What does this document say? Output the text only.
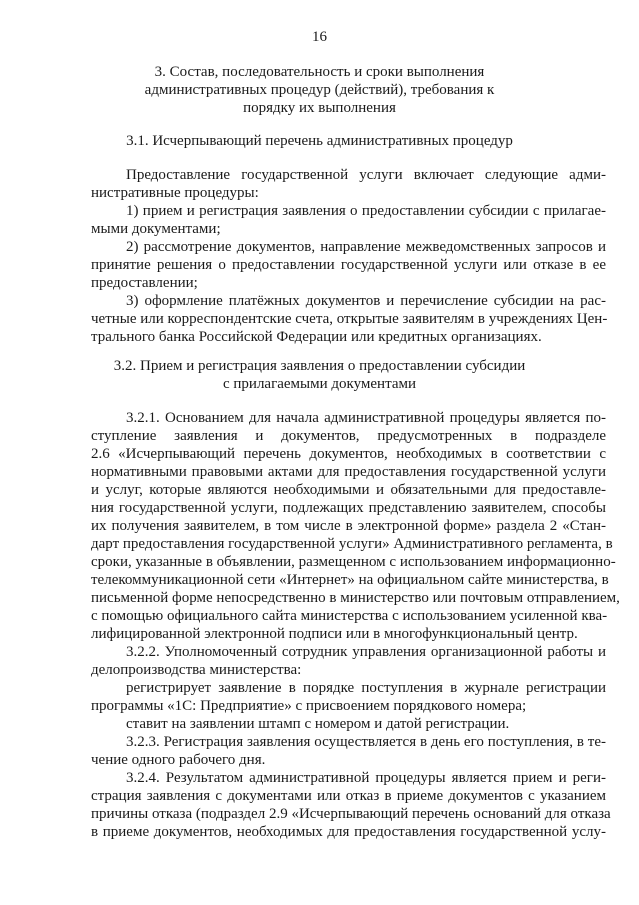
16
3. Состав, последовательность и сроки выполнения
административных процедур (действий), требования к
порядку их выполнения
3.1. Исчерпывающий перечень административных процедур
Предоставление государственной услуги включает следующие адми-
нистративные процедуры:
1) прием и регистрация заявления о предоставлении субсидии с прилагае-
мыми документами;
2) рассмотрение документов, направление межведомственных запросов и
принятие решения о предоставлении государственной услуги или отказе в ее
предоставлении;
3) оформление платёжных документов и перечисление субсидии на рас-
четные или корреспондентские счета, открытые заявителям в учреждениях Цен-
трального банка Российской Федерации или кредитных организациях.
3.2. Прием и регистрация заявления о предоставлении субсидии
с прилагаемыми документами
3.2.1. Основанием для начала административной процедуры является по-
ступление заявления и документов, предусмотренных в подразделе
2.6 «Исчерпывающий перечень документов, необходимых в соответствии с
нормативными правовыми актами для предоставления государственной услуги
и услуг, которые являются необходимыми и обязательными для предоставле-
ния государственной услуги, подлежащих представлению заявителем, способы
их получения заявителем, в том числе в электронной форме» раздела 2 «Стан-
дарт предоставления государственной услуги» Административного регламента, в
сроки, указанные в объявлении, размещенном с использованием информационно-
телекоммуникационной сети «Интернет» на официальном сайте министерства, в
письменной форме непосредственно в министерство или почтовым отправлением,
с помощью официального сайта министерства с использованием усиленной ква-
лифицированной электронной подписи или в многофункциональный центр.
3.2.2. Уполномоченный сотрудник управления организационной работы и
делопроизводства министерства:
регистрирует заявление в порядке поступления в журнале регистрации
программы «1С: Предприятие» с присвоением порядкового номера;
ставит на заявлении штамп с номером и датой регистрации.
3.2.3. Регистрация заявления осуществляется в день его поступления, в те-
чение одного рабочего дня.
3.2.4. Результатом административной процедуры является прием и реги-
страция заявления с документами или отказ в приеме документов с указанием
причины отказа (подраздел 2.9 «Исчерпывающий перечень оснований для отказа
в приеме документов, необходимых для предоставления государственной услу-
